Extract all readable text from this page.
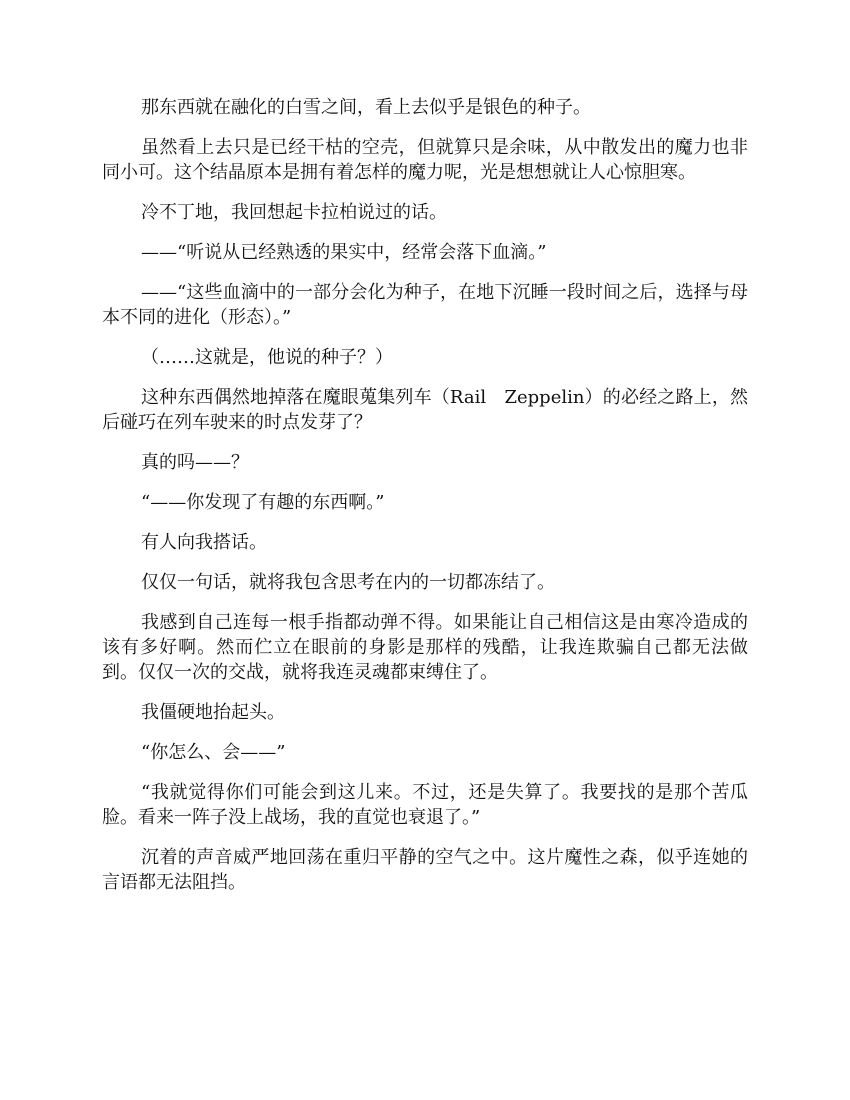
那东西就在融化的白雪之间，看上去似乎是银色的种子。

虽然看上去只是已经干枯的空壳，但就算只是余味，从中散发出的魔力也非同小可。这个结晶原本是拥有着怎样的魔力呢，光是想想就让人心惊胆寒。

冷不丁地，我回想起卡拉柏说过的话。

——“听说从已经熟透的果实中，经常会落下血滴。”

——“这些血滴中的一部分会化为种子，在地下沉睡一段时间之后，选择与母本不同的进化（形态）。”

（……这就是，他说的种子？）

这种东西偶然地掉落在魔眼蒐集列车（Rail　Zeppelin）的必经之路上，然后碰巧在列车驶来的时点发芽了？

真的吗——？

“——你发现了有趣的东西啊。”

有人向我搭话。

仅仅一句话，就将我包含思考在内的一切都冻结了。

我感到自己连每一根手指都动弹不得。如果能让自己相信这是由寒冷造成的该有多好啊。然而伫立在眼前的身影是那样的残酷，让我连欺骗自己都无法做到。仅仅一次的交战，就将我连灵魂都束缚住了。

我僵硬地抬起头。

“你怎么、会——”

“我就觉得你们可能会到这儿来。不过，还是失算了。我要找的是那个苦瓜脸。看来一阵子没上战场，我的直觉也衰退了。”

沉着的声音威严地回荡在重归平静的空气之中。这片魔性之森，似乎连她的言语都无法阻挡。
